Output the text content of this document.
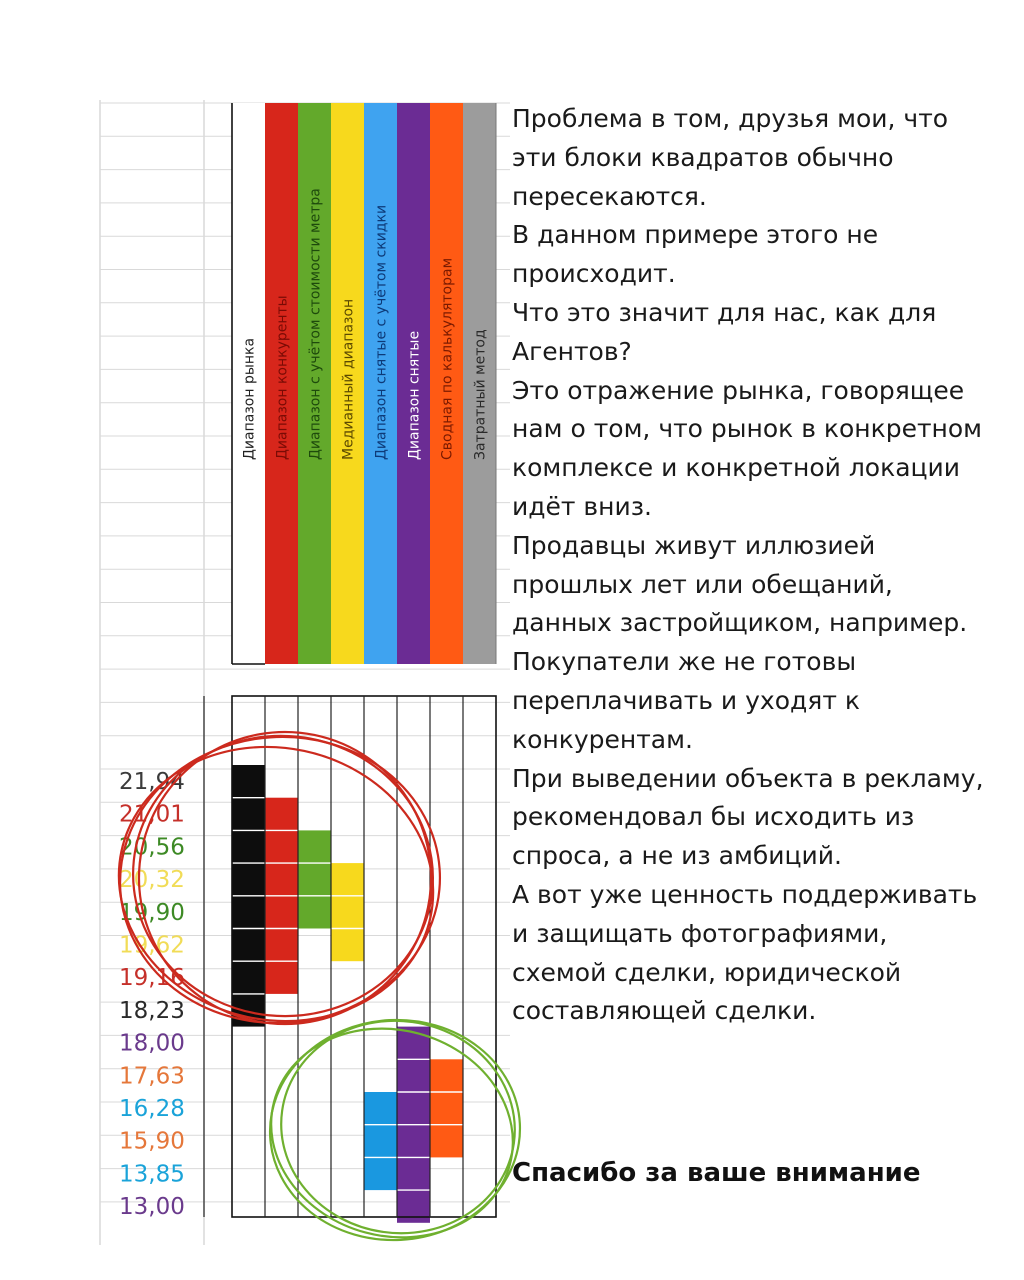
Диапазон рынка Диапазон конкуренты Диапазон с учётом стоимости метра Медианный диапазон Диапазон снятые с учётом скидки Диапазон снятые Сводная по калькуляторам Затратный метод
21,94
21,01
20,56
20,32
19,90
19,62
19,16
18,23
18,00
17,63
16,28
15,90
13,85
13,00

Проблема в том, друзья мои, что

эти блоки квадратов обычно

пересекаются.

В данном примере этого не

происходит.

Что это значит для нас, как для

Агентов?

Это отражение рынка, говорящее

нам о том, что рынок в конкретном

комплексе и конкретной локации

идёт вниз.

Продавцы живут иллюзией

прошлых лет или обещаний,

данных застройщиком, например.

Покупатели же не готовы

переплачивать и уходят к

конкурентам.

При выведении объекта в рекламу,

рекомендовал бы исходить из

спроса, а не из амбиций.

А вот уже ценность поддерживать

и защищать фотографиями,

схемой сделки, юридической

составляющей сделки.

Спасибо за ваше внимание
